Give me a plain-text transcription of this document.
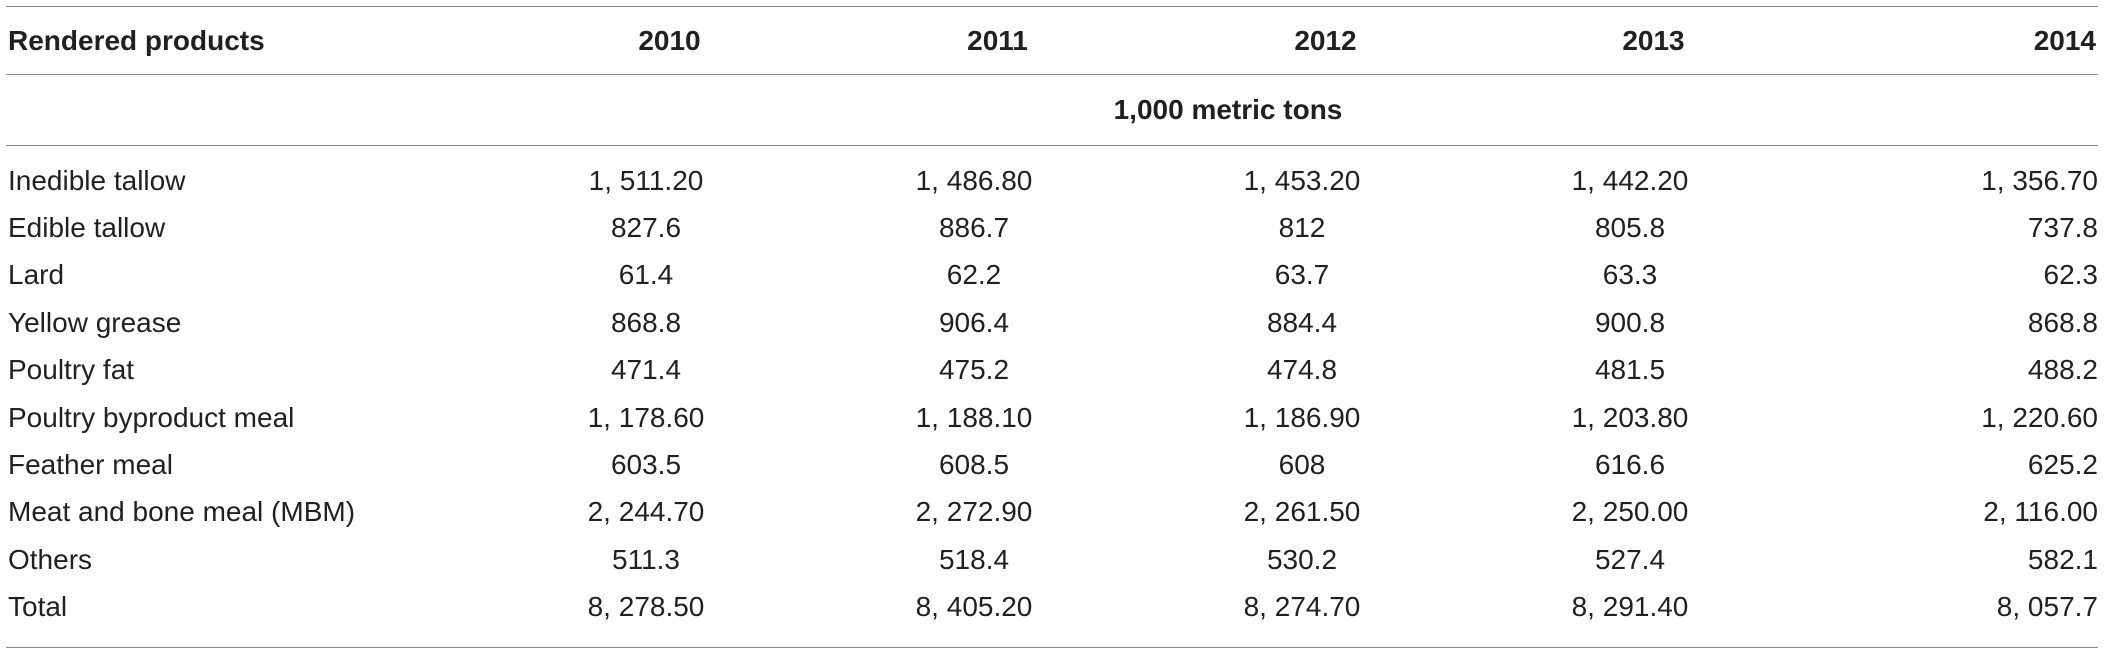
Rendered products	2010	2011	2012	2013	2014
1,000 metric tons
Inedible tallow	1, 511.20	1, 486.80	1, 453.20	1, 442.20	1, 356.70
Edible tallow	827.6	886.7	812	805.8	737.8
Lard	61.4	62.2	63.7	63.3	62.3
Yellow grease	868.8	906.4	884.4	900.8	868.8
Poultry fat	471.4	475.2	474.8	481.5	488.2
Poultry byproduct meal	1, 178.60	1, 188.10	1, 186.90	1, 203.80	1, 220.60
Feather meal	603.5	608.5	608	616.6	625.2
Meat and bone meal (MBM)	2, 244.70	2, 272.90	2, 261.50	2, 250.00	2, 116.00
Others	511.3	518.4	530.2	527.4	582.1
Total	8, 278.50	8, 405.20	8, 274.70	8, 291.40	8, 057.7
